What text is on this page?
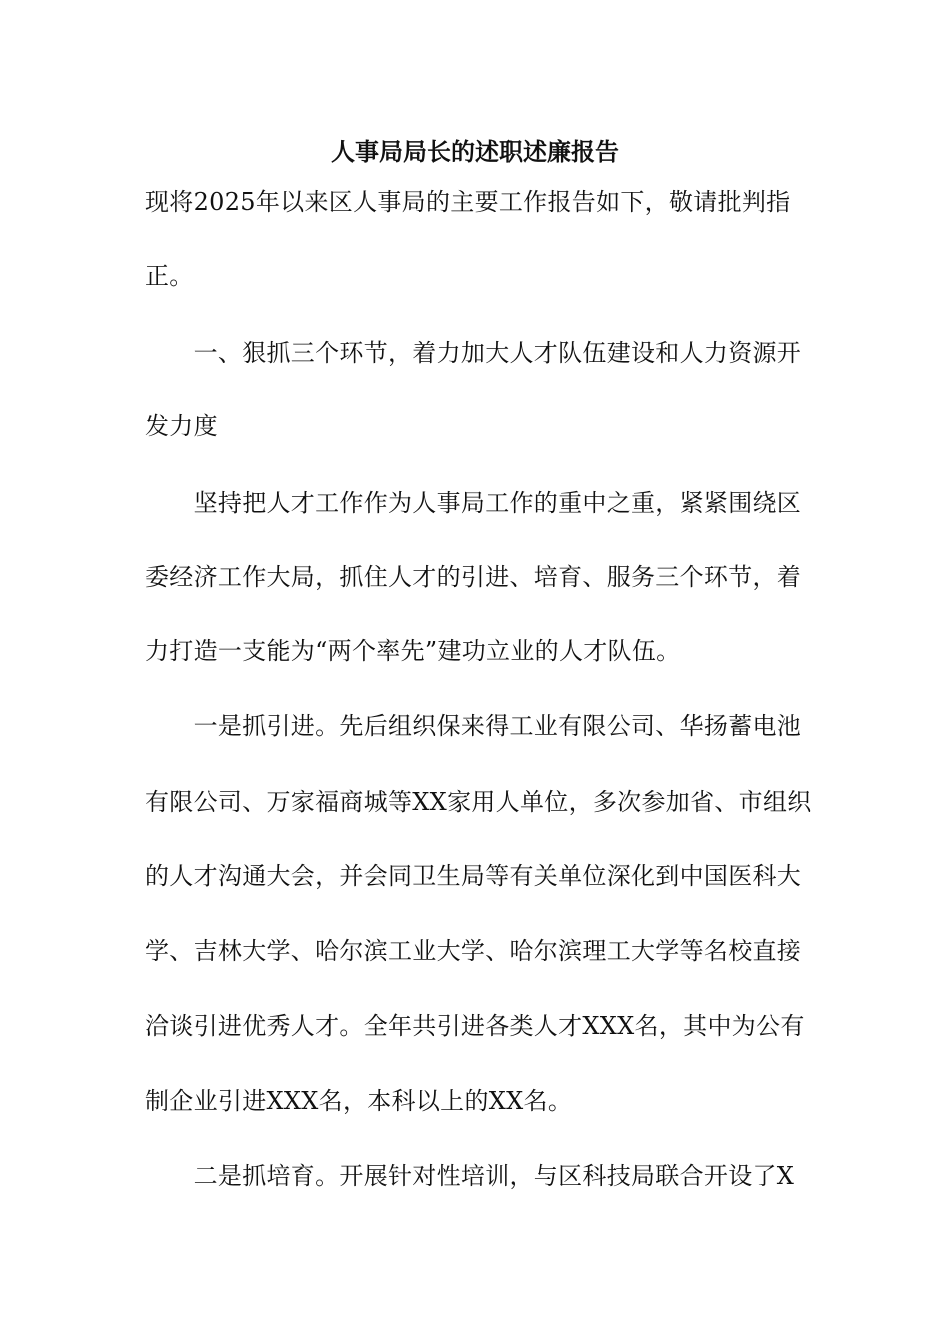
人事局局长的述职述廉报告
现将2025年以来区人事局的主要工作报告如下，敬请批判指
正。
　　一、狠抓三个环节，着力加大人才队伍建设和人力资源开
发力度
　　坚持把人才工作作为人事局工作的重中之重，紧紧围绕区
委经济工作大局，抓住人才的引进、培育、服务三个环节，着
力打造一支能为“两个率先”建功立业的人才队伍。
　　一是抓引进。先后组织保来得工业有限公司、华扬蓄电池
有限公司、万家福商城等XX家用人单位，多次参加省、市组织
的人才沟通大会，并会同卫生局等有关单位深化到中国医科大
学、吉林大学、哈尔滨工业大学、哈尔滨理工大学等名校直接
洽谈引进优秀人才。全年共引进各类人才XXX名，其中为公有
制企业引进XXX名，本科以上的XX名。
　　二是抓培育。开展针对性培训，与区科技局联合开设了X
